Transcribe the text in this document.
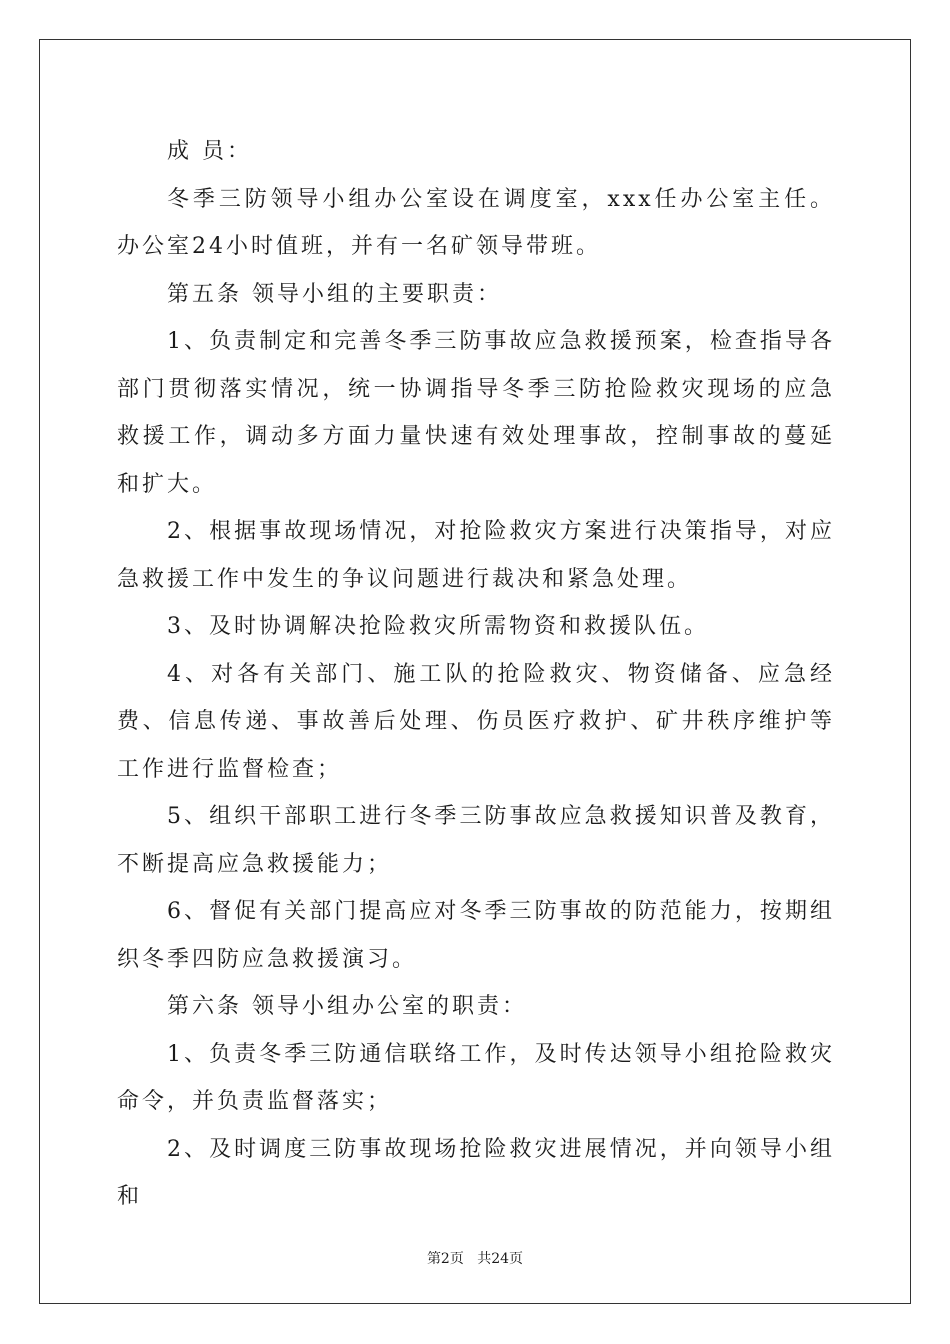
成 员：

冬季三防领导小组办公室设在调度室，xxx任办公室主任。办公室24小时值班，并有一名矿领导带班。

第五条 领导小组的主要职责：

1、负责制定和完善冬季三防事故应急救援预案，检查指导各部门贯彻落实情况，统一协调指导冬季三防抢险救灾现场的应急救援工作，调动多方面力量快速有效处理事故，控制事故的蔓延和扩大。

2、根据事故现场情况，对抢险救灾方案进行决策指导，对应急救援工作中发生的争议问题进行裁决和紧急处理。

3、及时协调解决抢险救灾所需物资和救援队伍。

4、对各有关部门、施工队的抢险救灾、物资储备、应急经费、信息传递、事故善后处理、伤员医疗救护、矿井秩序维护等工作进行监督检查；

5、组织干部职工进行冬季三防事故应急救援知识普及教育，不断提高应急救援能力；

6、督促有关部门提高应对冬季三防事故的防范能力，按期组织冬季四防应急救援演习。

第六条 领导小组办公室的职责：

1、负责冬季三防通信联络工作，及时传达领导小组抢险救灾命令，并负责监督落实；

2、及时调度三防事故现场抢险救灾进展情况，并向领导小组和

第2页 共24页
